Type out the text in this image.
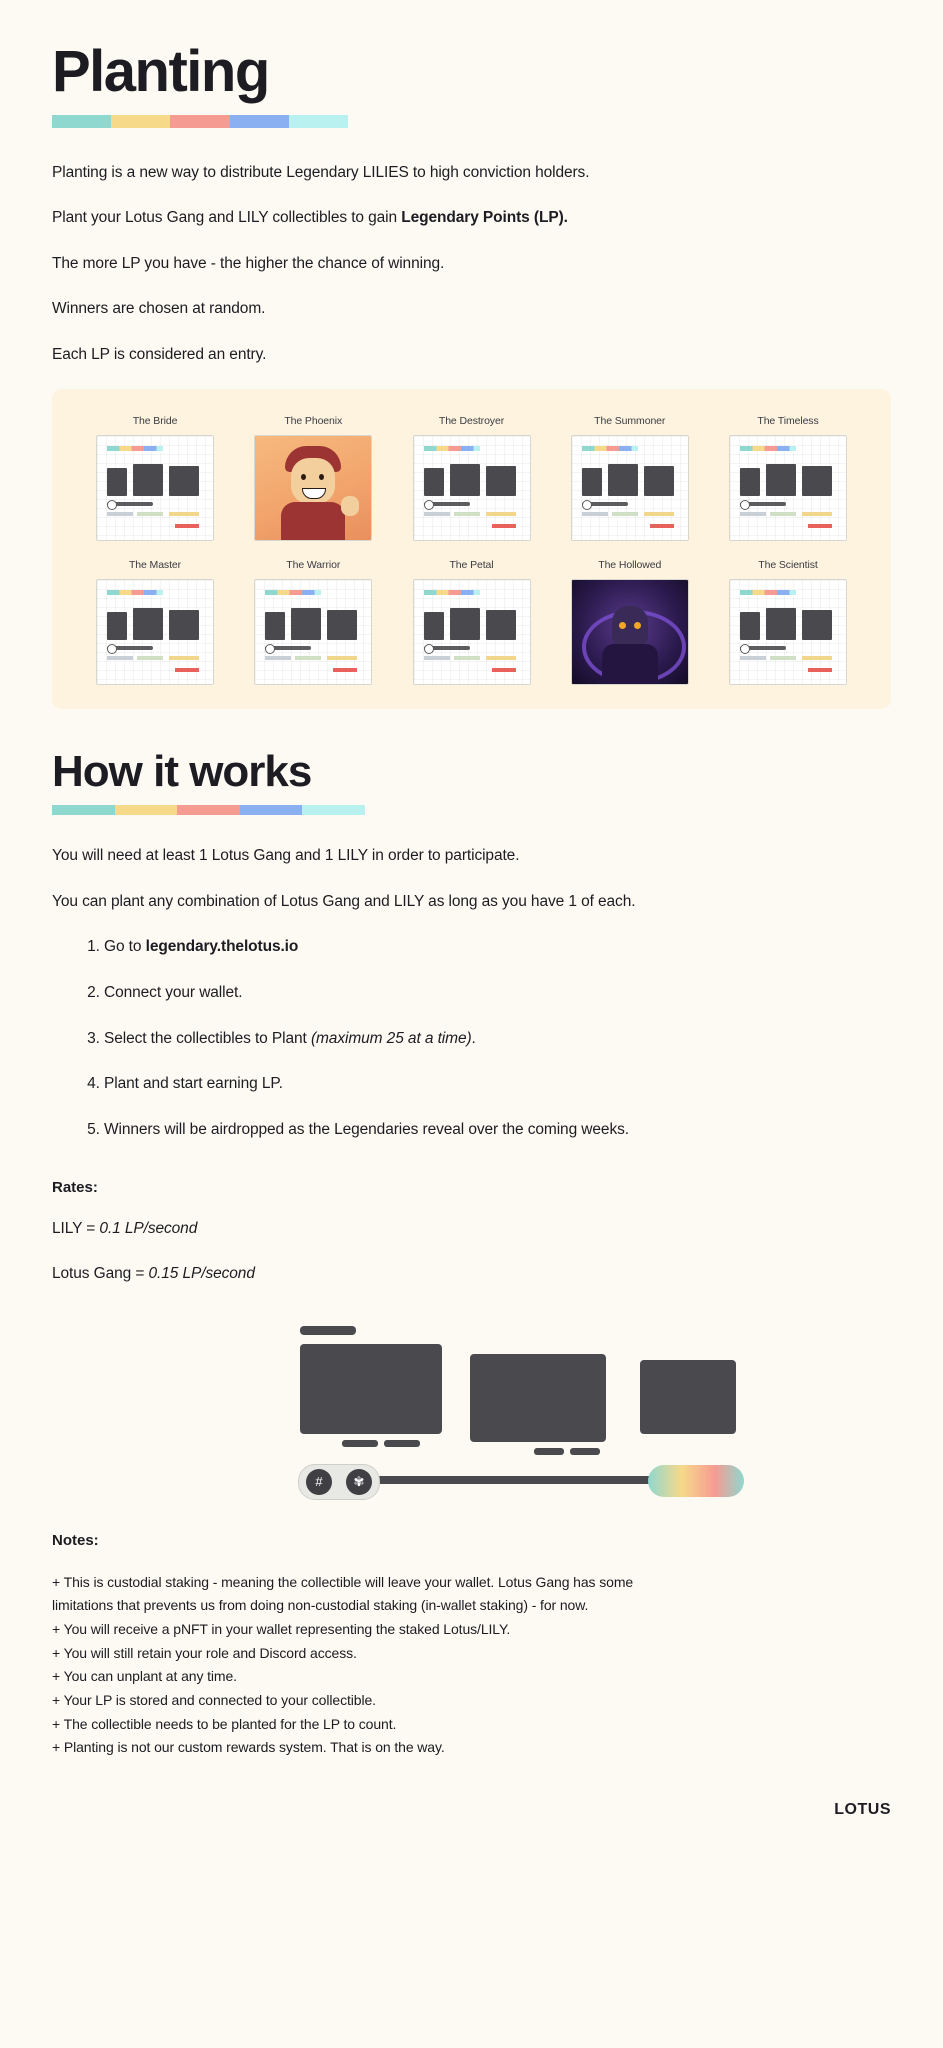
Planting

Planting is a new way to distribute Legendary LILIES to high conviction holders.

Plant your Lotus Gang and LILY collectibles to gain Legendary Points (LP).

The more LP you have - the higher the chance of winning.

Winners are chosen at random.

Each LP is considered an entry.

The Bride	The Phoenix	The Destroyer	The Summoner	The Timeless
The Master	The Warrior	The Petal	The Hollowed	The Scientist
How it works

You will need at least 1 Lotus Gang and 1 LILY in order to participate.

You can plant any combination of Lotus Gang and LILY as long as you have 1 of each.

1. Go to legendary.thelotus.io
2. Connect your wallet.
3. Select the collectibles to Plant (maximum 25 at a time).
4. Plant and start earning LP.
5. Winners will be airdropped as the Legendaries reveal over the coming weeks.
Rates:

LILY = 0.1 LP/second

Lotus Gang = 0.15 LP/second

#	✾
Notes:
+ This is custodial staking - meaning the collectible will leave your wallet. Lotus Gang has some
limitations that prevents us from doing non-custodial staking (in-wallet staking) - for now.
+ You will receive a pNFT in your wallet representing the staked Lotus/LILY.
+ You will still retain your role and Discord access.
+ You can unplant at any time.
+ Your LP is stored and connected to your collectible.
+ The collectible needs to be planted for the LP to count.
+ Planting is not our custom rewards system. That is on the way.
LOTUS
